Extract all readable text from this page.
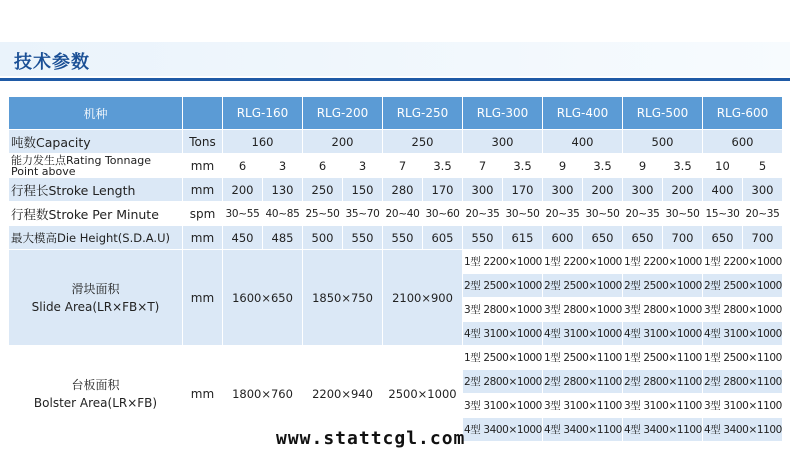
技术参数
机种		RLG-160		RLG-200		RLG-250		RLG-300		RLG-400		RLG-500		RLG-600	
吨数Capacity	Tons	160		200		250		300		400		500		600	
能力发生点Rating Tonnage
Point above	mm	6	3	6	3	7	3.5	7	3.5	9	3.5	9	3.5	10	5
行程长Stroke Length	mm	200	130	250	150	280	170	300	170	300	200	300	200	400	300
行程数Stroke Per Minute	spm	30~55	40~85	25~50	35~70	20~40	30~60	20~35	30~50	20~35	30~50	20~35	30~50	15~30	20~35
最大模高Die Height(S.D.A.U)	mm	450	485	500	550	550	605	550	615	600	650	650	700	650	700
滑块面积
Slide Area(LR×FB×T)	mm	1600×650		1850×750		2100×900		1型 2200×1000		1型 2200×1000		1型 2200×1000		1型 2200×1000	
								2型 2500×1000		2型 2500×1000		2型 2500×1000		2型 2500×1000	
								3型 2800×1000		3型 2800×1000		3型 2800×1000		3型 2800×1000	
								4型 3100×1000		4型 3100×1000		4型 3100×1000		4型 3100×1000	
台板面积
Bolster Area(LR×FB)	mm	1800×760		2200×940		2500×1000		1型 2500×1000		1型 2500×1100		1型 2500×1100		1型 2500×1100	
								2型 2800×1000		2型 2800×1100		2型 2800×1100		2型 2800×1100	
								3型 3100×1000		3型 3100×1100		3型 3100×1100		3型 3100×1100	
								4型 3400×1000		4型 3400×1100		4型 3400×1100		4型 3400×1100	
www.stattcgl.com
